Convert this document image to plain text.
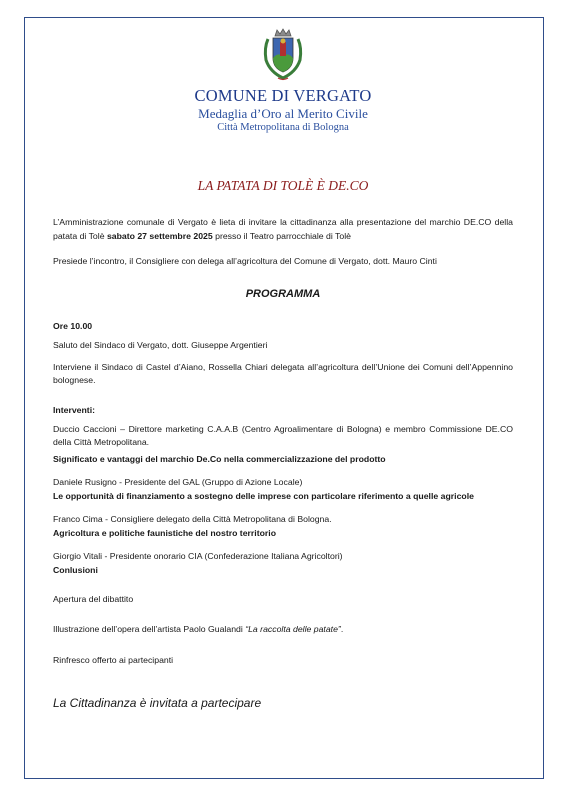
COMUNE DI VERGATO
Medaglia d’Oro al Merito Civile
Città Metropolitana di Bologna
LA PATATA DI TOLÈ È DE.CO
L’Amministrazione comunale di Vergato è lieta di invitare la cittadinanza alla presentazione del marchio DE.CO della patata di Tolè sabato 27 settembre 2025 presso il Teatro parrocchiale di Tolè
Presiede l’incontro, il Consigliere con delega all’agricoltura del Comune di Vergato, dott. Mauro Cinti
PROGRAMMA
Ore 10.00
Saluto del Sindaco di Vergato, dott. Giuseppe Argentieri
Interviene il Sindaco di Castel d’Aiano, Rossella Chiari delegata all’agricoltura dell’Unione dei Comuni dell’Appennino bolognese.
Interventi:
Duccio Caccioni – Direttore marketing C.A.A.B (Centro Agroalimentare di Bologna) e membro Commissione DE.CO della Città Metropolitana.
Significato e vantaggi del marchio De.Co nella commercializzazione del prodotto
Daniele Rusigno - Presidente del GAL (Gruppo di Azione Locale)
Le opportunità di finanziamento a sostegno delle imprese con particolare riferimento a quelle agricole
Franco Cima - Consigliere delegato della Città Metropolitana di Bologna.
Agricoltura e politiche faunistiche del nostro territorio
Giorgio Vitali - Presidente onorario CIA (Confederazione Italiana Agricoltori)
Conlusioni
Apertura del dibattito
Illustrazione dell’opera dell’artista Paolo Gualandi “La raccolta delle patate”.
Rinfresco offerto ai partecipanti
La Cittadinanza è invitata a partecipare
